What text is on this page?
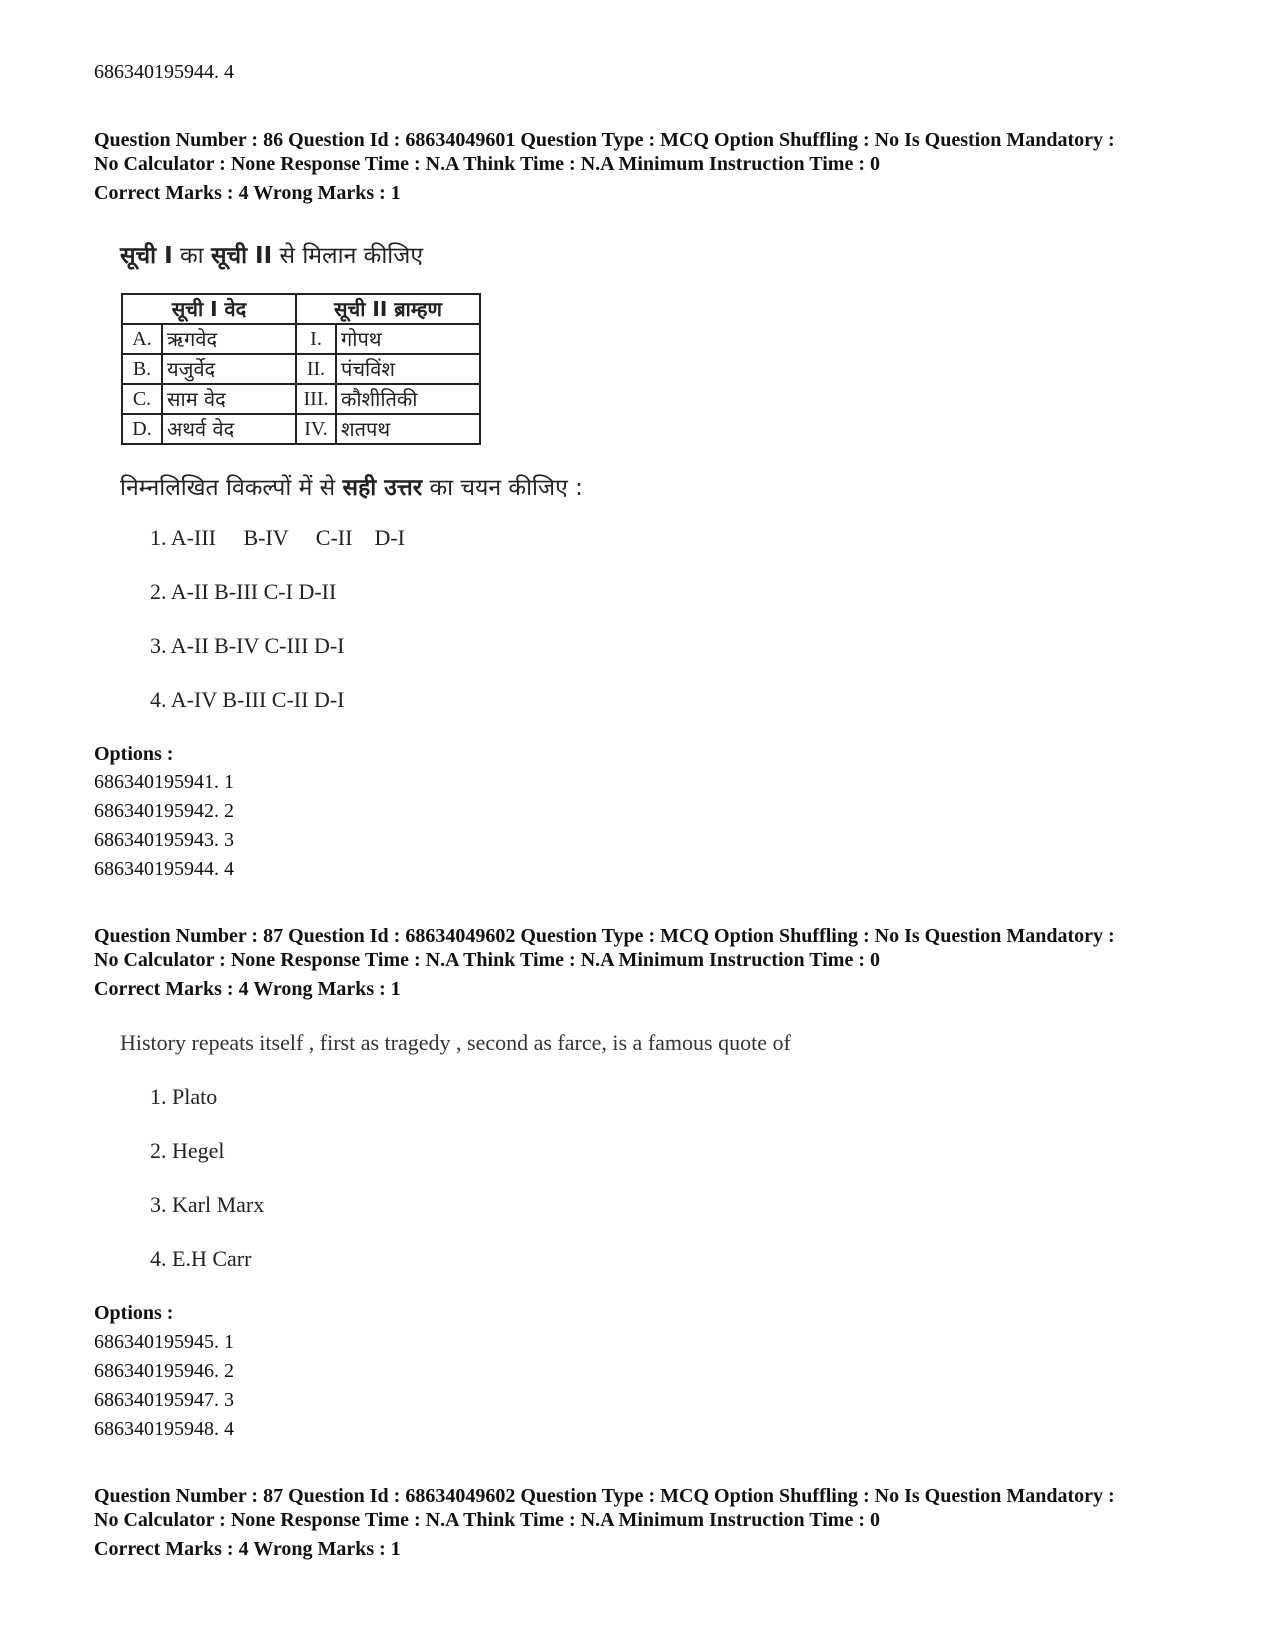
686340195944. 4
Question Number : 86 Question Id : 68634049601 Question Type : MCQ Option Shuffling : No Is Question Mandatory :
No Calculator : None Response Time : N.A Think Time : N.A Minimum Instruction Time : 0
Correct Marks : 4 Wrong Marks : 1
सूची I का सूची II से मिलान कीजिए
सूची I वेद		सूची II ब्राम्हण	
A.	ऋगवेद	I.	गोपथ
B.	यजुर्वेद	II.	पंचविंश
C.	साम वेद	III.	कौशीतिकी
D.	अथर्व वेद	IV.	शतपथ
निम्नलिखित विकल्पों में से सही उत्तर का चयन कीजिए :
1. A-III     B-IV     C-II    D-I
2. A-II B-III C-I D-II
3. A-II B-IV C-III D-I
4. A-IV B-III C-II D-I
Options :
686340195941. 1
686340195942. 2
686340195943. 3
686340195944. 4
Question Number : 87 Question Id : 68634049602 Question Type : MCQ Option Shuffling : No Is Question Mandatory :
No Calculator : None Response Time : N.A Think Time : N.A Minimum Instruction Time : 0
Correct Marks : 4 Wrong Marks : 1
History repeats itself , first as tragedy , second as farce, is a famous quote of
1. Plato
2. Hegel
3. Karl Marx
4. E.H Carr
Options :
686340195945. 1
686340195946. 2
686340195947. 3
686340195948. 4
Question Number : 87 Question Id : 68634049602 Question Type : MCQ Option Shuffling : No Is Question Mandatory :
No Calculator : None Response Time : N.A Think Time : N.A Minimum Instruction Time : 0
Correct Marks : 4 Wrong Marks : 1
